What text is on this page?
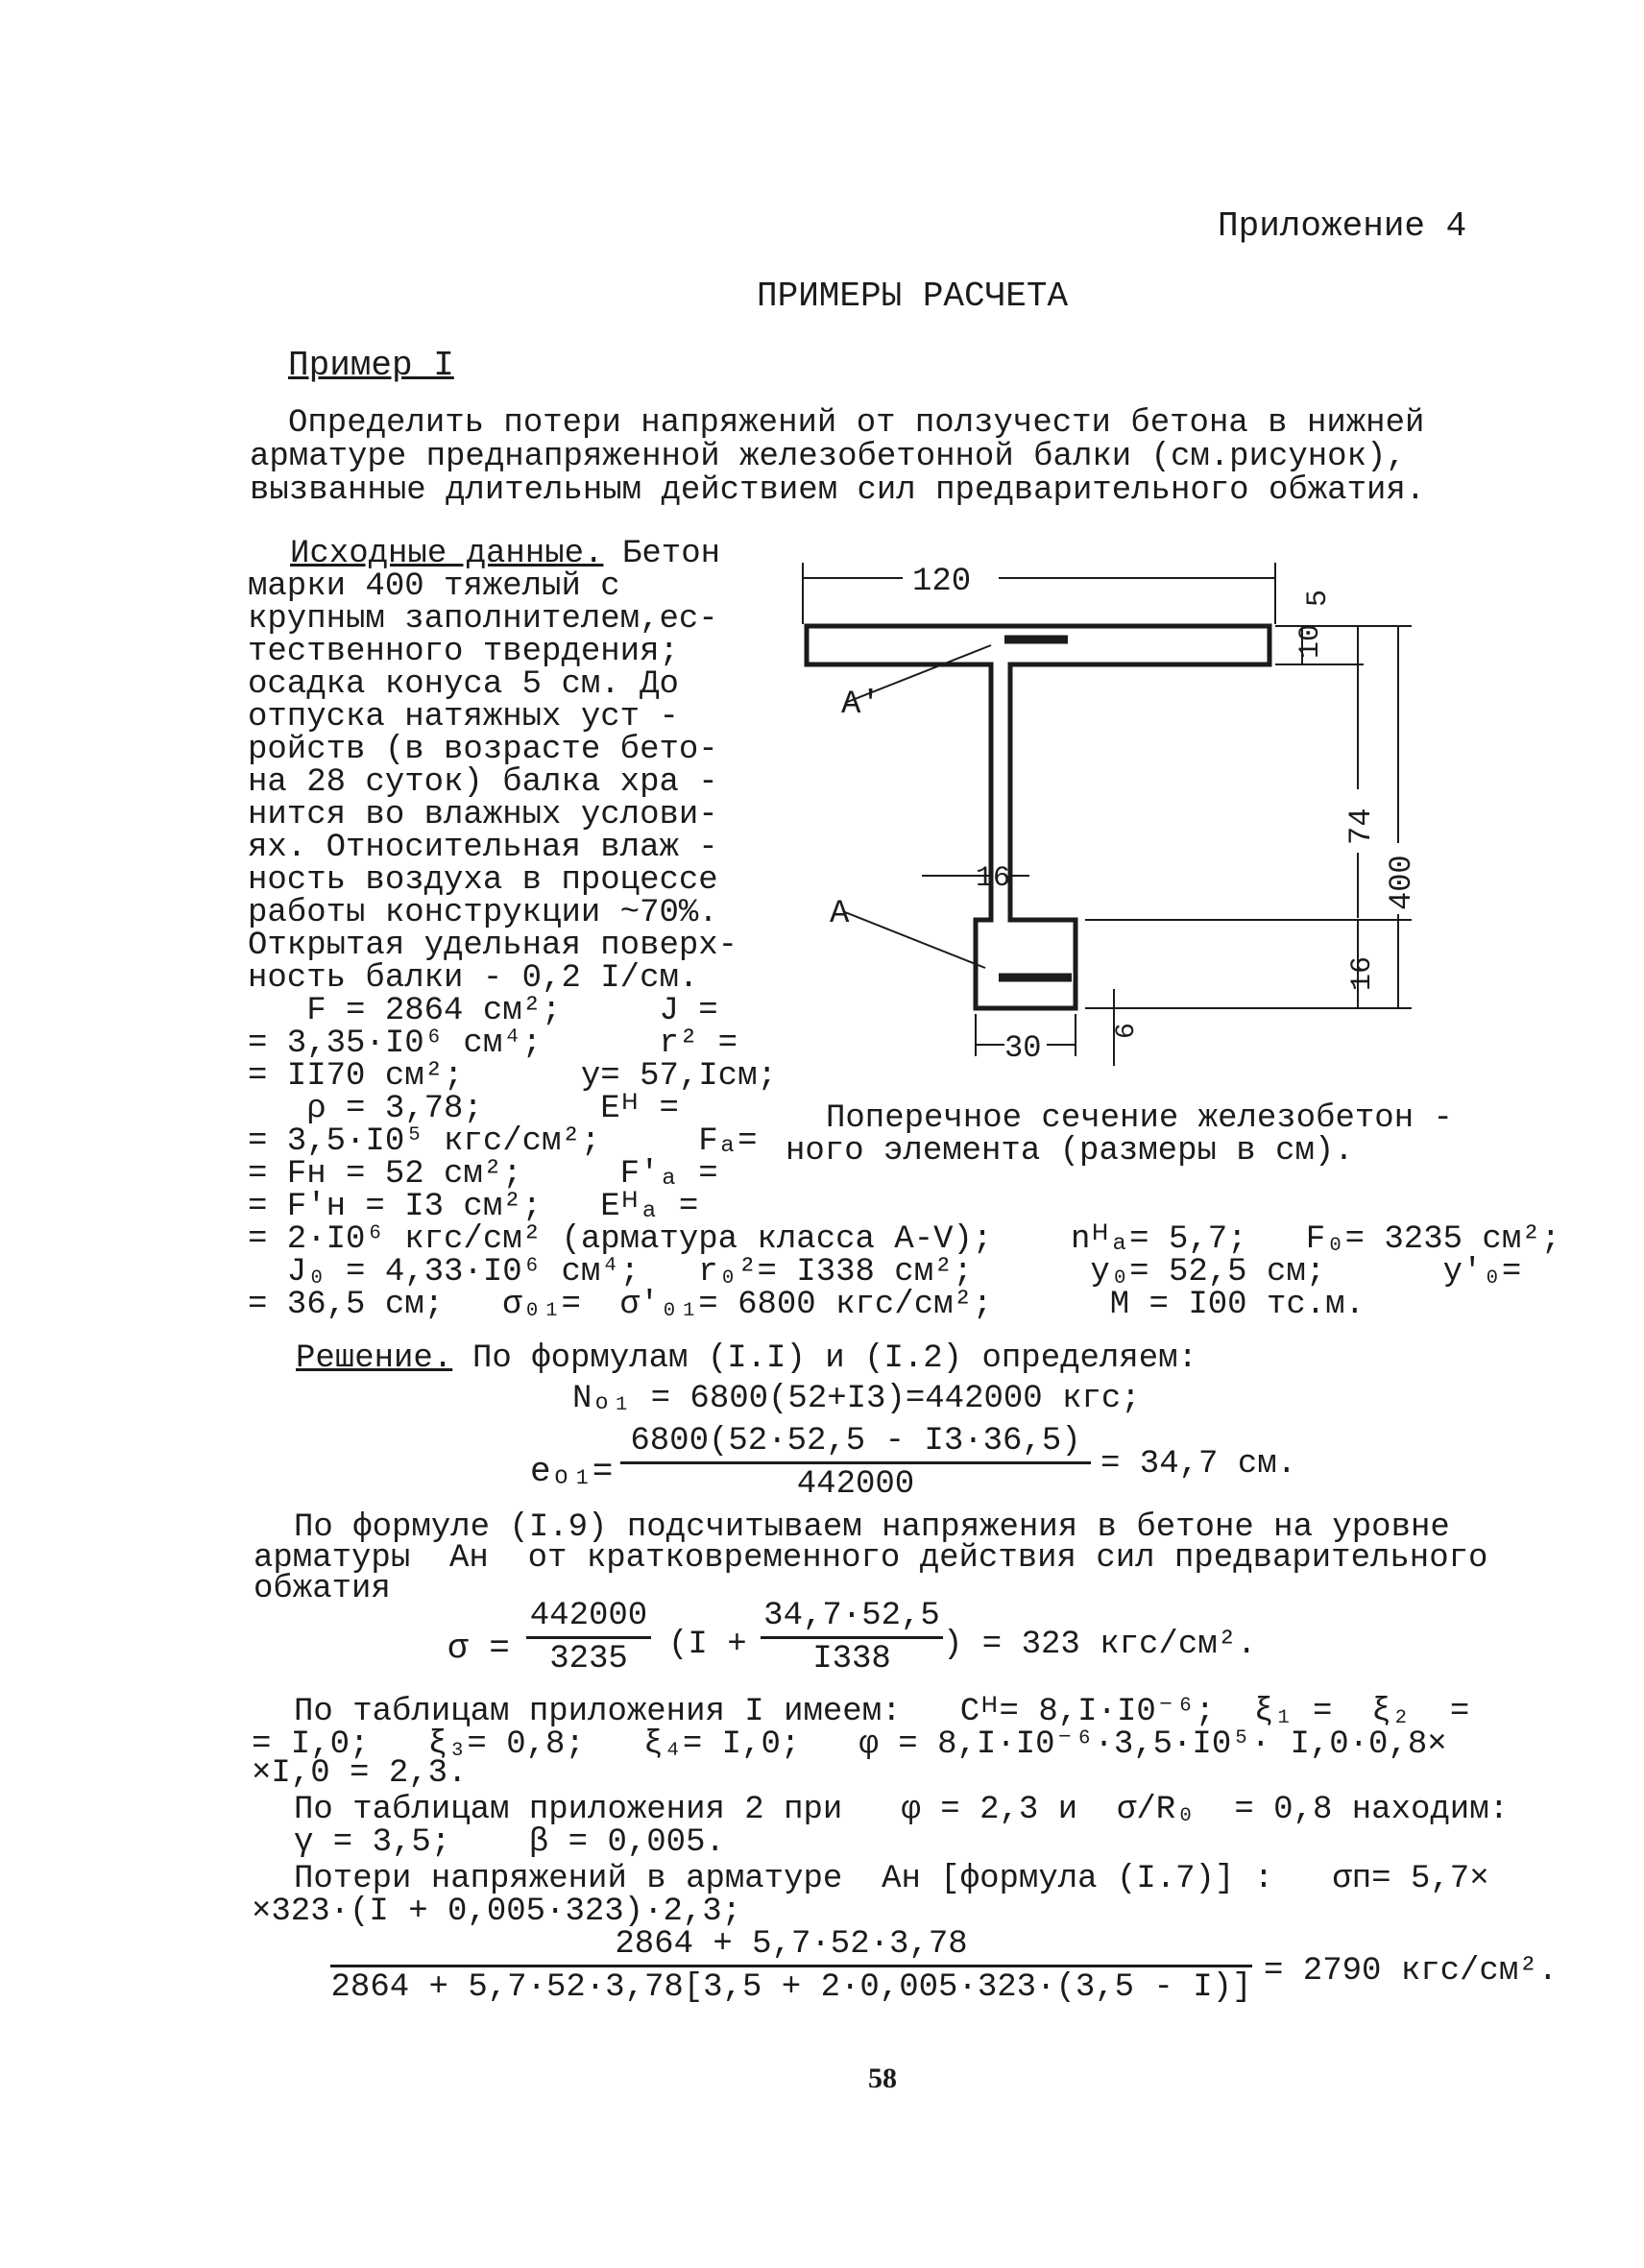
Приложение 4
ПРИМЕРЫ РАСЧЕТА
Пример I
Определить потери напряжений от ползучести бетона в нижней
арматуре преднапряженной железобетонной балки (см.рисунок),
вызванные длительным действием сил предварительного обжатия.
Исходные данные. Бетон
марки 400 тяжелый с
крупным заполнителем,ес-
тественного твердения;
осадка конуса 5 см. До
отпуска натяжных уст -
ройств (в возрасте бето-
на 28 суток) балка хра -
нится во влажных услови-
ях. Относительная влаж -
ность воздуха в процессе
работы конструкции ~70%.
Открытая удельная поверх-
ность балки - 0,2 I/см.
F = 2864 см²;     J =
= 3,35·I0⁶ см⁴;      r² =
= II70 см²;      y= 57,Iсм;
ρ = 3,78;      Eᴴ =
= 3,5·I0⁵ кгс/см²;     Fₐ=
= Fн = 52 см²;     F'ₐ =
= F'н = I3 см²;   Eᴴₐ =
= 2·I0⁶ кгс/см² (арматура класса А-V);    nᴴₐ= 5,7;   F₀= 3235 см²;
J₀ = 4,33·I0⁶ см⁴;   r₀²= I338 см²;      y₀= 52,5 см;      y'₀=
= 36,5 см;   σ₀₁=  σ'₀₁= 6800 кгс/см²;      M = I00 тс.м.
120	5
10
74
400
16
16
30	6
A'
A
Поперечное сечение железобетон -
ного элемента (размеры в см).
Решение. По формулам (I.I) и (I.2) определяем:
Nₒ₁ = 6800(52+I3)=442000 кгс;
eₒ₁=
6800(52·52,5 - I3·36,5)
442000
= 34,7 см.
По формуле (I.9) подсчитываем напряжения в бетоне на уровне
арматуры  Aн  от кратковременного действия сил предварительного
обжатия
σ =
442000
3235	(I +
34,7·52,5
I338	) = 323 кгс/см².
По таблицам приложения I имеем:   Cᴴ= 8,I·I0⁻⁶;  ξ₁ =  ξ₂  =
= I,0;   ξ₃= 0,8;   ξ₄= I,0;   φ = 8,I·I0⁻⁶·3,5·I0⁵· I,0·0,8×
×I,0 = 2,3.
По таблицам приложения 2 при   φ = 2,3 и  σ/R₀  = 0,8 находим:
γ = 3,5;    β = 0,005.
Потери напряжений в арматуре  Aн [формула (I.7)] :   σп= 5,7×
×323·(I + 0,005·323)·2,3;
2864 + 5,7·52·3,78
2864 + 5,7·52·3,78[3,5 + 2·0,005·323·(3,5 - I)] = 2790 кгс/см².
58
